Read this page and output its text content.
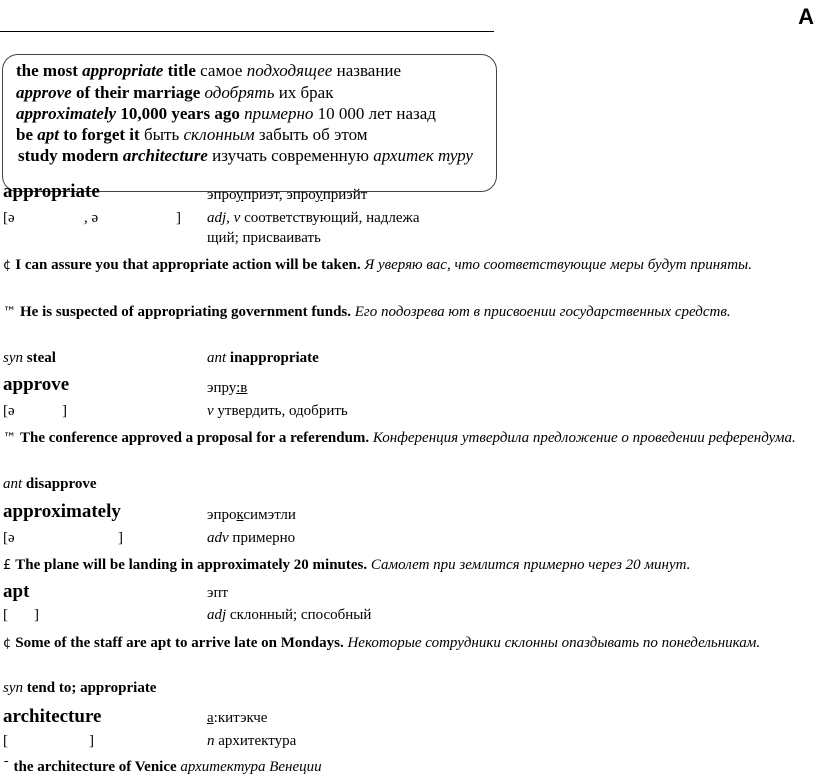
A
the most appropriate title самое подходящее название
approve of their marriage одобрять их брак
approximately 10,000 years ago примерно 10 000 лет назад
be apt to forget it быть склонным забыть об этом
study modern architecture изучать современную архитек туру
appropriate	эпроуприэт, эпроуприэйт
[ə	, ə	] adj, v соответствующий, надлежа
щий; присваивать
¢ I can assure you that appropriate action will be taken. Я уверяю вас, что соответствующие меры будут приняты.
™ He is suspected of appropriating government funds. Его подозрева ют в присвоении государственных средств.
syn steal	ant inappropriate
approve	эпру:в
[ə	]	v утвердить, одобрить
™ The conference approved a proposal for a referendum. Конференция утвердила предложение о проведении референдума.
ant disapprove
approximately	эпроксимэтли
[ə	]	adv примерно
£ The plane will be landing in approximately 20 minutes. Самолет при землится примерно через 20 минут.
apt	эпт
[ ]	adj склонный; способный
¢ Some of the staff are apt to arrive late on Mondays. Некоторые сотрудники склонны опаздывать по понедельникам.
syn tend to; appropriate
architecture	а:китэкче
[	]	n архитектура
ˉ the architecture of Venice архитектура Венеции
